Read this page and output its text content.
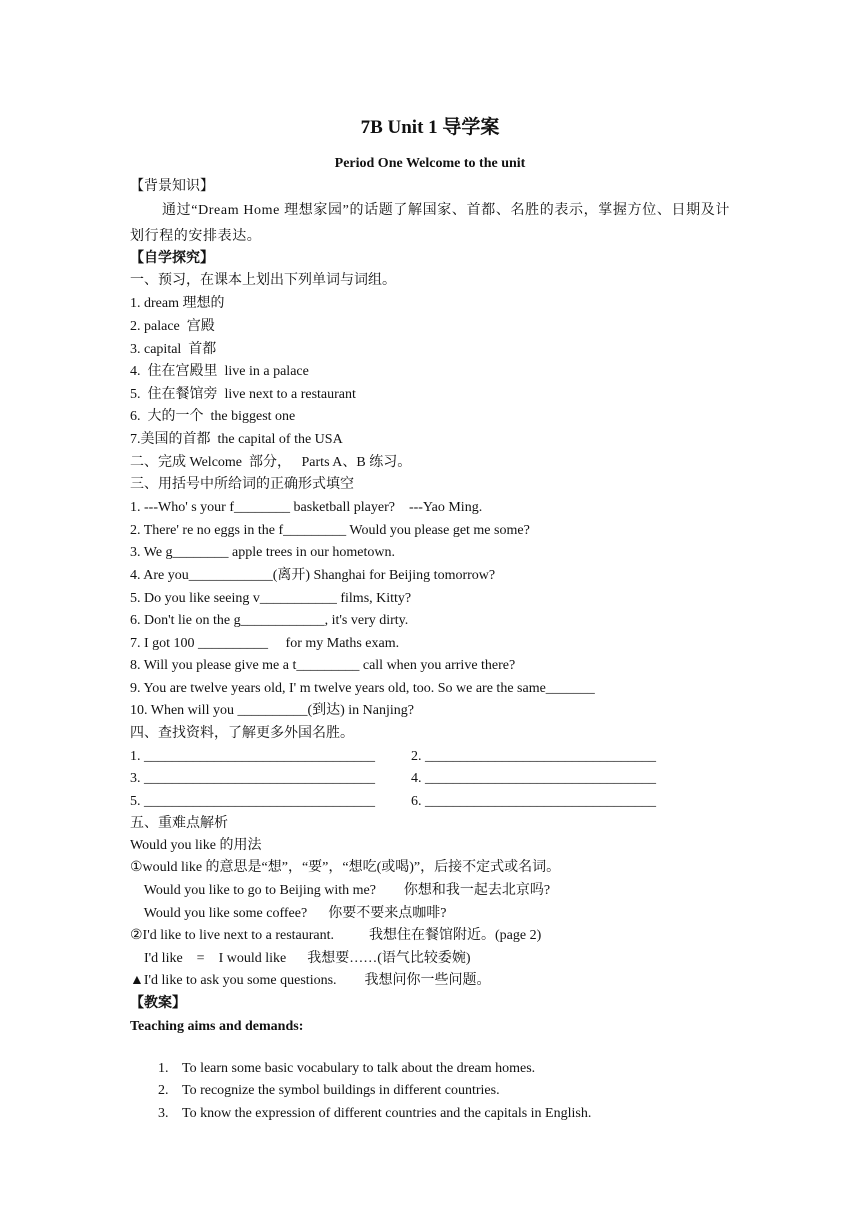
7B Unit 1 导学案
Period One Welcome to the unit
【背景知识】
通过“Dream Home 理想家园”的话题了解国家、首都、名胜的表示，掌握方位、日期及计划行程的安排表达。
【自学探究】
一、预习，在课本上划出下列单词与词组。
1. dream 理想的
2. palace  宫殿
3. capital  首都
4.  住在宫殿里  live in a palace
5.  住在餐馆旁  live next to a restaurant
6.  大的一个  the biggest one
7.美国的首都  the capital of the USA
二、完成 Welcome  部分，   Parts A、B 练习。
三、用括号中所给词的正确形式填空
1. ---Who' s your f________ basketball player?    ---Yao Ming.
2. There' re no eggs in the f_________ Would you please get me some?
3. We g________ apple trees in our hometown.
4. Are you____________(离开) Shanghai for Beijing tomorrow?
5. Do you like seeing v___________ films, Kitty?
6. Don't lie on the g____________, it's very dirty.
7. I got 100 __________     for my Maths exam.
8. Will you please give me a t_________ call when you arrive there?
9. You are twelve years old, I' m twelve years old, too. So we are the same_______
10. When will you __________(到达) in Nanjing?
四、查找资料，了解更多外国名胜。
1. _________________________________	2. _________________________________
3. _________________________________	4. _________________________________
5. _________________________________	6. _________________________________
五、重难点解析
Would you like 的用法
①would like 的意思是“想”，“要”，“想吃(或喝)”，后接不定式或名词。
Would you like to go to Beijing with me?        你想和我一起去北京吗?
Would you like some coffee?      你要不要来点咖啡?
②I'd like to live next to a restaurant.          我想住在餐馆附近。(page 2)
I'd like    =    I would like      我想要……(语气比较委婉)
▲I'd like to ask you some questions.        我想问你一些问题。
【教案】
Teaching aims and demands:

1. To learn some basic vocabulary to talk about the dream homes.

2. To recognize the symbol buildings in different countries.

3. To know the expression of different countries and the capitals in English.
